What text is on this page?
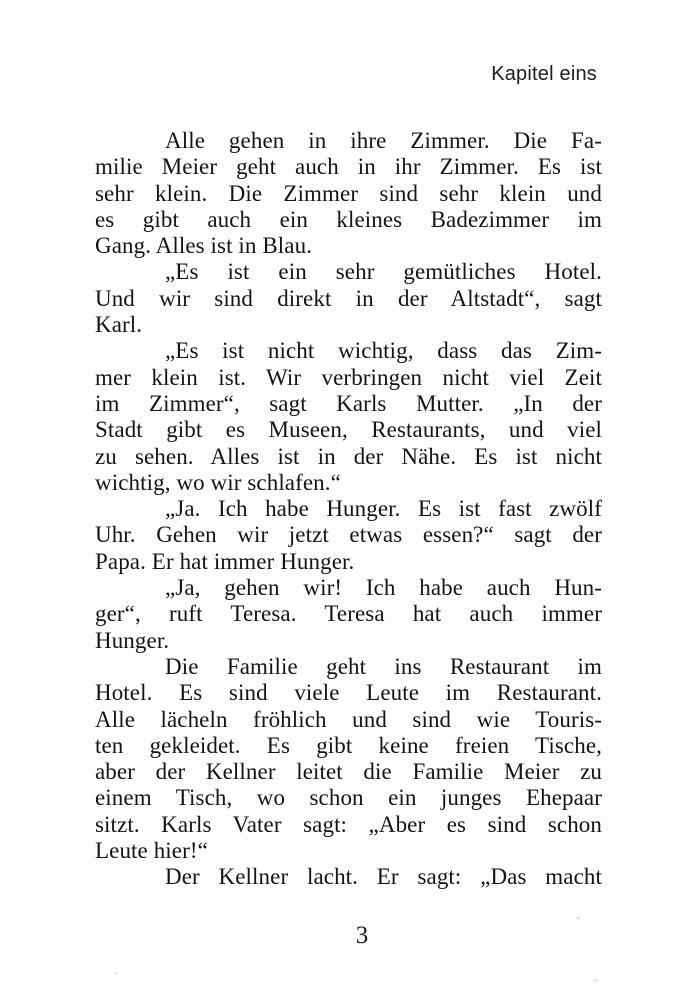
Kapitel eins
Alle gehen in ihre Zimmer. Die Fa-
milie Meier geht auch in ihr Zimmer. Es ist
sehr klein. Die Zimmer sind sehr klein und
es gibt auch ein kleines Badezimmer im
Gang. Alles ist in Blau.
„Es ist ein sehr gemütliches Hotel.
Und wir sind direkt in der Altstadt“, sagt
Karl.
„Es ist nicht wichtig, dass das Zim-
mer klein ist. Wir verbringen nicht viel Zeit
im Zimmer“, sagt Karls Mutter. „In der
Stadt gibt es Museen, Restaurants, und viel
zu sehen. Alles ist in der Nähe. Es ist nicht
wichtig, wo wir schlafen.“
„Ja. Ich habe Hunger. Es ist fast zwölf
Uhr. Gehen wir jetzt etwas essen?“ sagt der
Papa. Er hat immer Hunger.
„Ja, gehen wir! Ich habe auch Hun-
ger“, ruft Teresa. Teresa hat auch immer
Hunger.
Die Familie geht ins Restaurant im
Hotel. Es sind viele Leute im Restaurant.
Alle lächeln fröhlich und sind wie Touris-
ten gekleidet. Es gibt keine freien Tische,
aber der Kellner leitet die Familie Meier zu
einem Tisch, wo schon ein junges Ehepaar
sitzt. Karls Vater sagt: „Aber es sind schon
Leute hier!“
Der Kellner lacht. Er sagt: „Das macht
3
